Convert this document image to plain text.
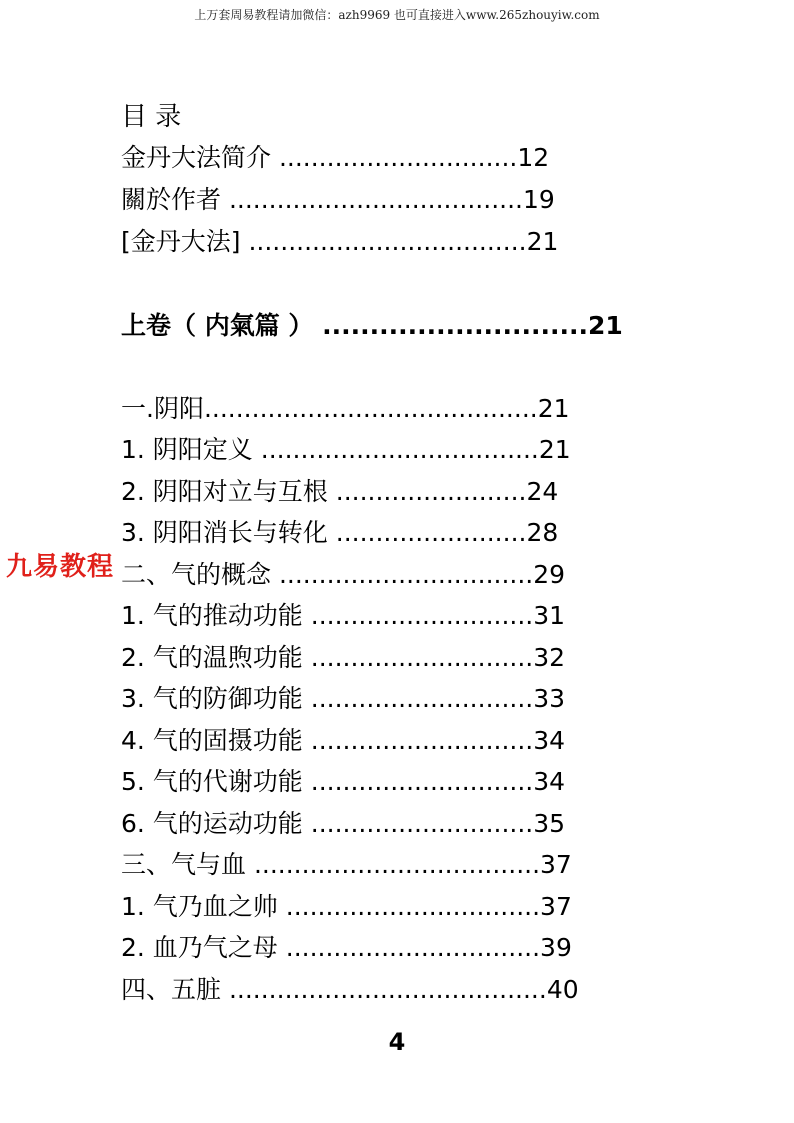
上万套周易教程请加微信：azh9969 也可直接进入www.265zhouyiw.com
目 录
金丹大法简介 ..............................12
關於作者 .....................................19
[金丹大法] ...................................21
上卷（ 内氣篇 ） ............................21
一.阴阳..........................................21
1. 阴阳定义 ...................................21
2. 阴阳对立与互根 ........................24
3. 阴阳消长与转化 ........................28
二、气的概念 ................................29
1. 气的推动功能 ............................31
2. 气的温煦功能 ............................32
3. 气的防御功能 ............................33
4. 气的固摄功能 ............................34
5. 气的代谢功能 ............................34
6. 气的运动功能 ............................35
三、气与血 ....................................37
1. 气乃血之帅 ................................37
2. 血乃气之母 ................................39
四、五脏 ........................................40
九易教程
4
